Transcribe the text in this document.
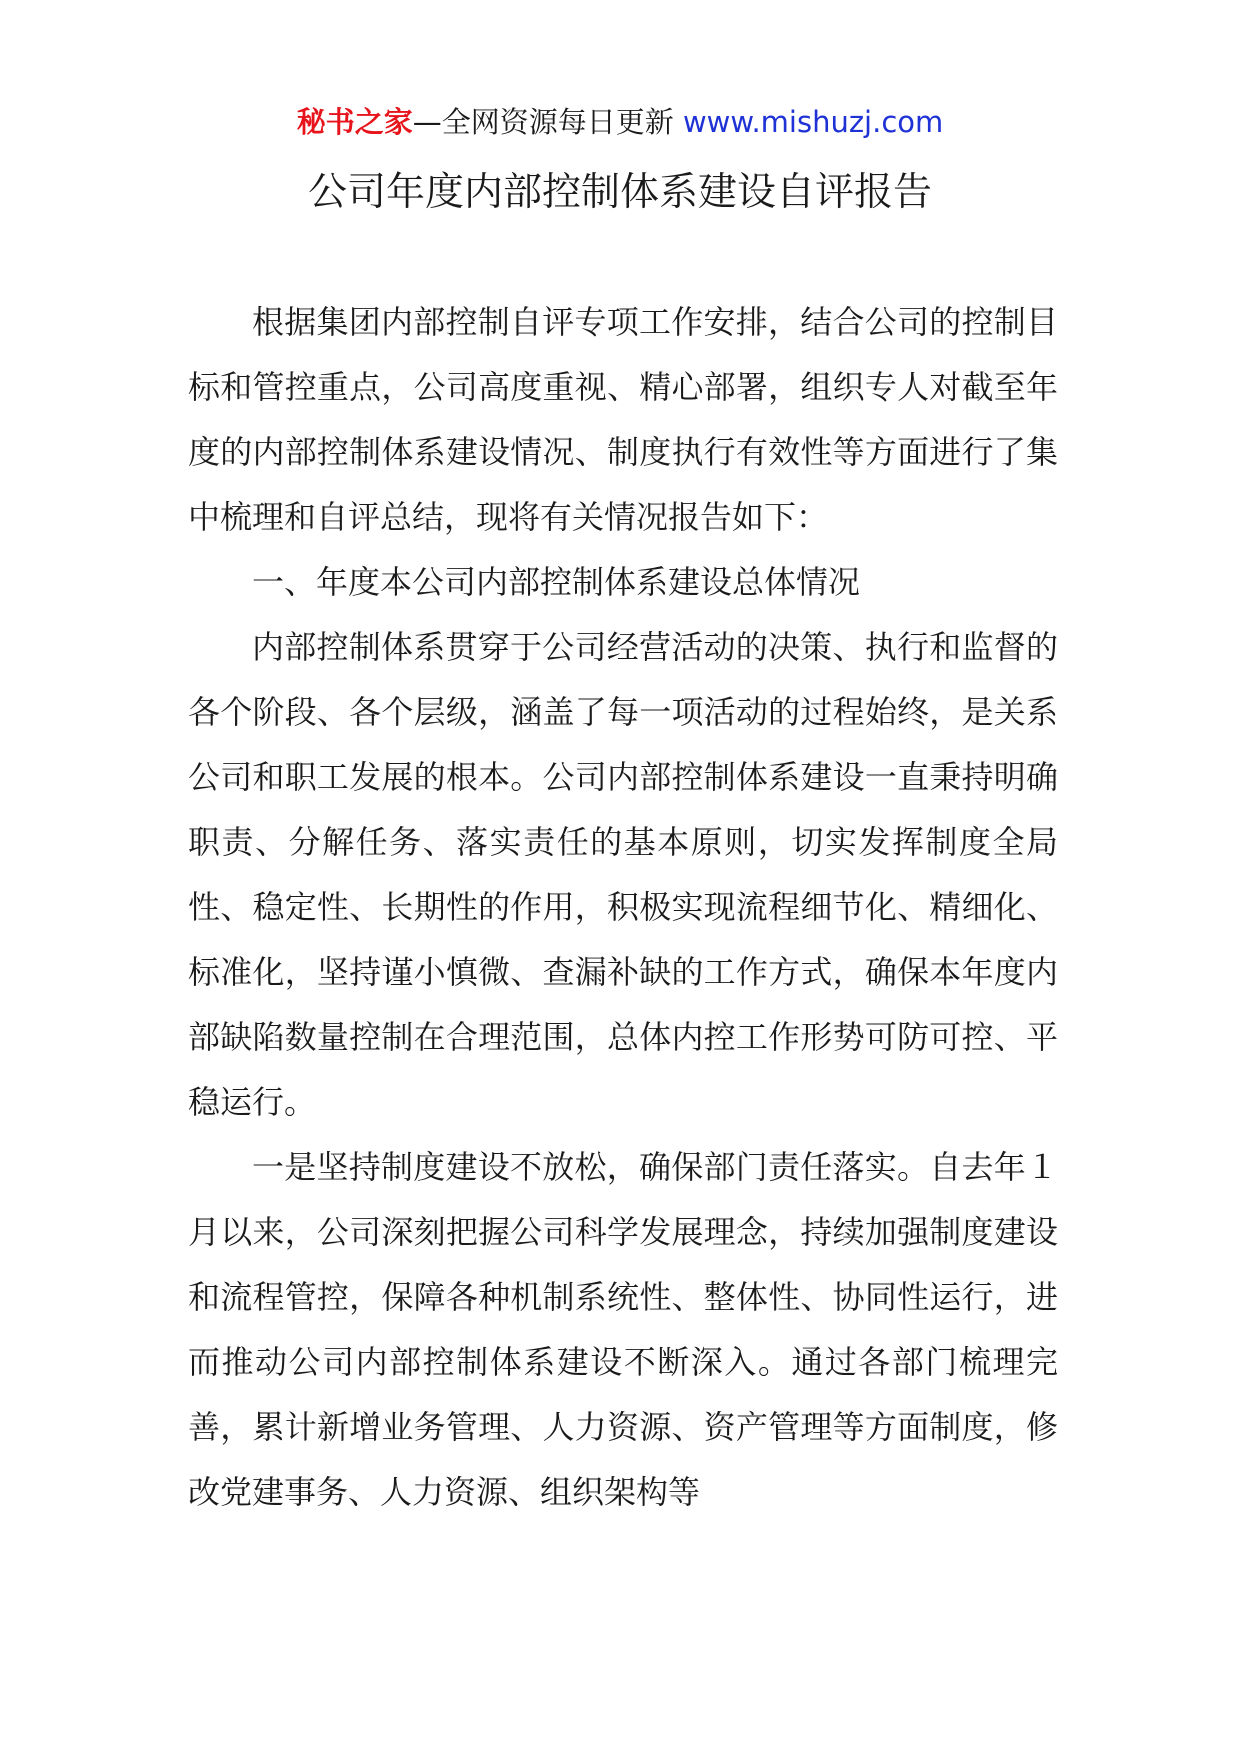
秘书之家—全网资源每日更新 www.mishuzj.com
公司年度内部控制体系建设自评报告

根据集团内部控制自评专项工作安排，结合公司的控制目标和管控重点，公司高度重视、精心部署，组织专人对截至年度的内部控制体系建设情况、制度执行有效性等方面进行了集中梳理和自评总结，现将有关情况报告如下：

一、年度本公司内部控制体系建设总体情况

内部控制体系贯穿于公司经营活动的决策、执行和监督的各个阶段、各个层级，涵盖了每一项活动的过程始终，是关系公司和职工发展的根本。公司内部控制体系建设一直秉持明确职责、分解任务、落实责任的基本原则，切实发挥制度全局性、稳定性、长期性的作用，积极实现流程细节化、精细化、标准化，坚持谨小慎微、查漏补缺的工作方式，确保本年度内部缺陷数量控制在合理范围，总体内控工作形势可防可控、平稳运行。

一是坚持制度建设不放松，确保部门责任落实。自去年１月以来，公司深刻把握公司科学发展理念，持续加强制度建设和流程管控，保障各种机制系统性、整体性、协同性运行，进而推动公司内部控制体系建设不断深入。通过各部门梳理完善，累计新增业务管理、人力资源、资产管理等方面制度，修改党建事务、人力资源、组织架构等
